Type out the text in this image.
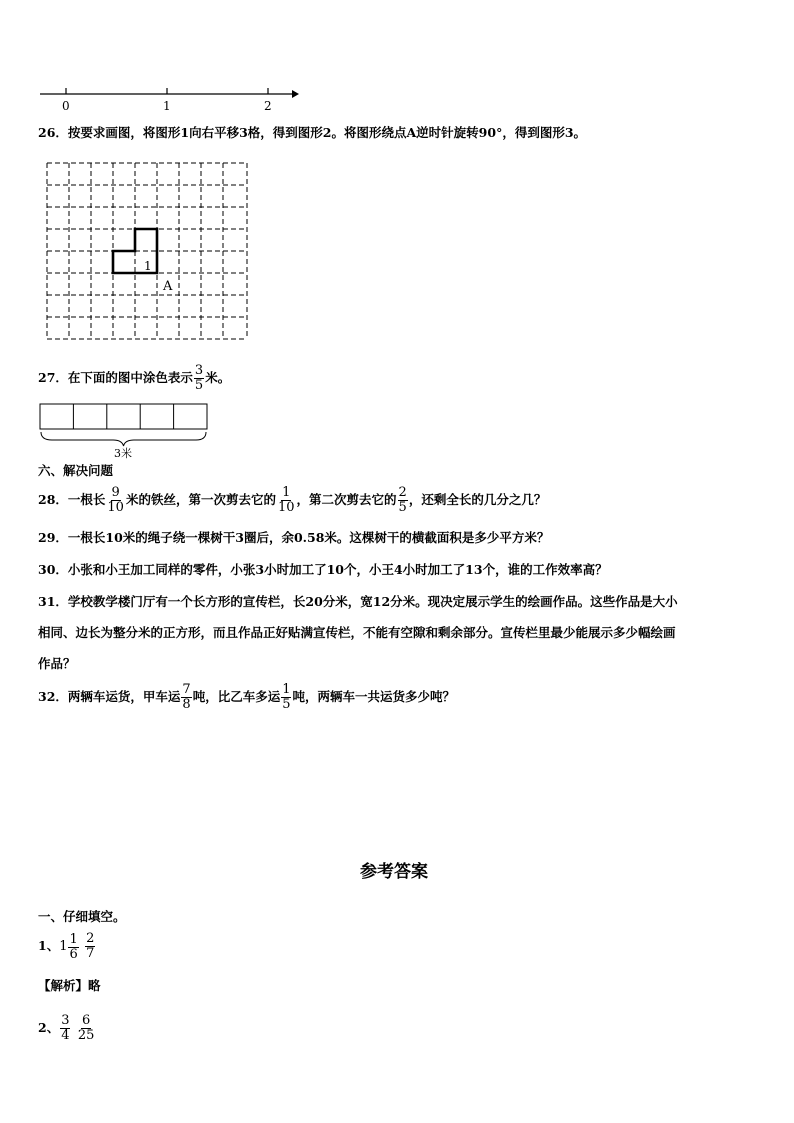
0	1	2
26．按要求画图，将图形1向右平移3格，得到图形2。将图形绕点A逆时针旋转90°，得到图形3。
1
A
27．在下面的图中涂色表示 $\frac{3}{5}$ 米。
3米
六、解决问题
28．一根长 $\frac{9}{10}$ 米的铁丝，第一次剪去它的 $\frac{1}{10}$ ，第二次剪去它的 $\frac{2}{5}$ ，还剩全长的几分之几？
29．一根长10米的绳子绕一棵树干3圈后，余0.58米。这棵树干的横截面积是多少平方米？
30．小张和小王加工同样的零件，小张3小时加工了10个，小王4小时加工了13个，谁的工作效率高？
31．学校教学楼门厅有一个长方形的宣传栏，长20分米，宽12分米。现决定展示学生的绘画作品。这些作品是大小
相同、边长为整分米的正方形，而且作品正好贴满宣传栏，不能有空隙和剩余部分。宣传栏里最少能展示多少幅绘画
作品？
32．两辆车运货，甲车运 $\frac{7}{8}$ 吨，比乙车多运 $\frac{1}{5}$ 吨，两辆车一共运货多少吨？
参考答案
一、仔细填空。
1、 $1 \frac{1}{6}$
$\frac{2}{7}$
【解析】略
2、 $\frac{3}{4}$
$\frac{6}{25}$
